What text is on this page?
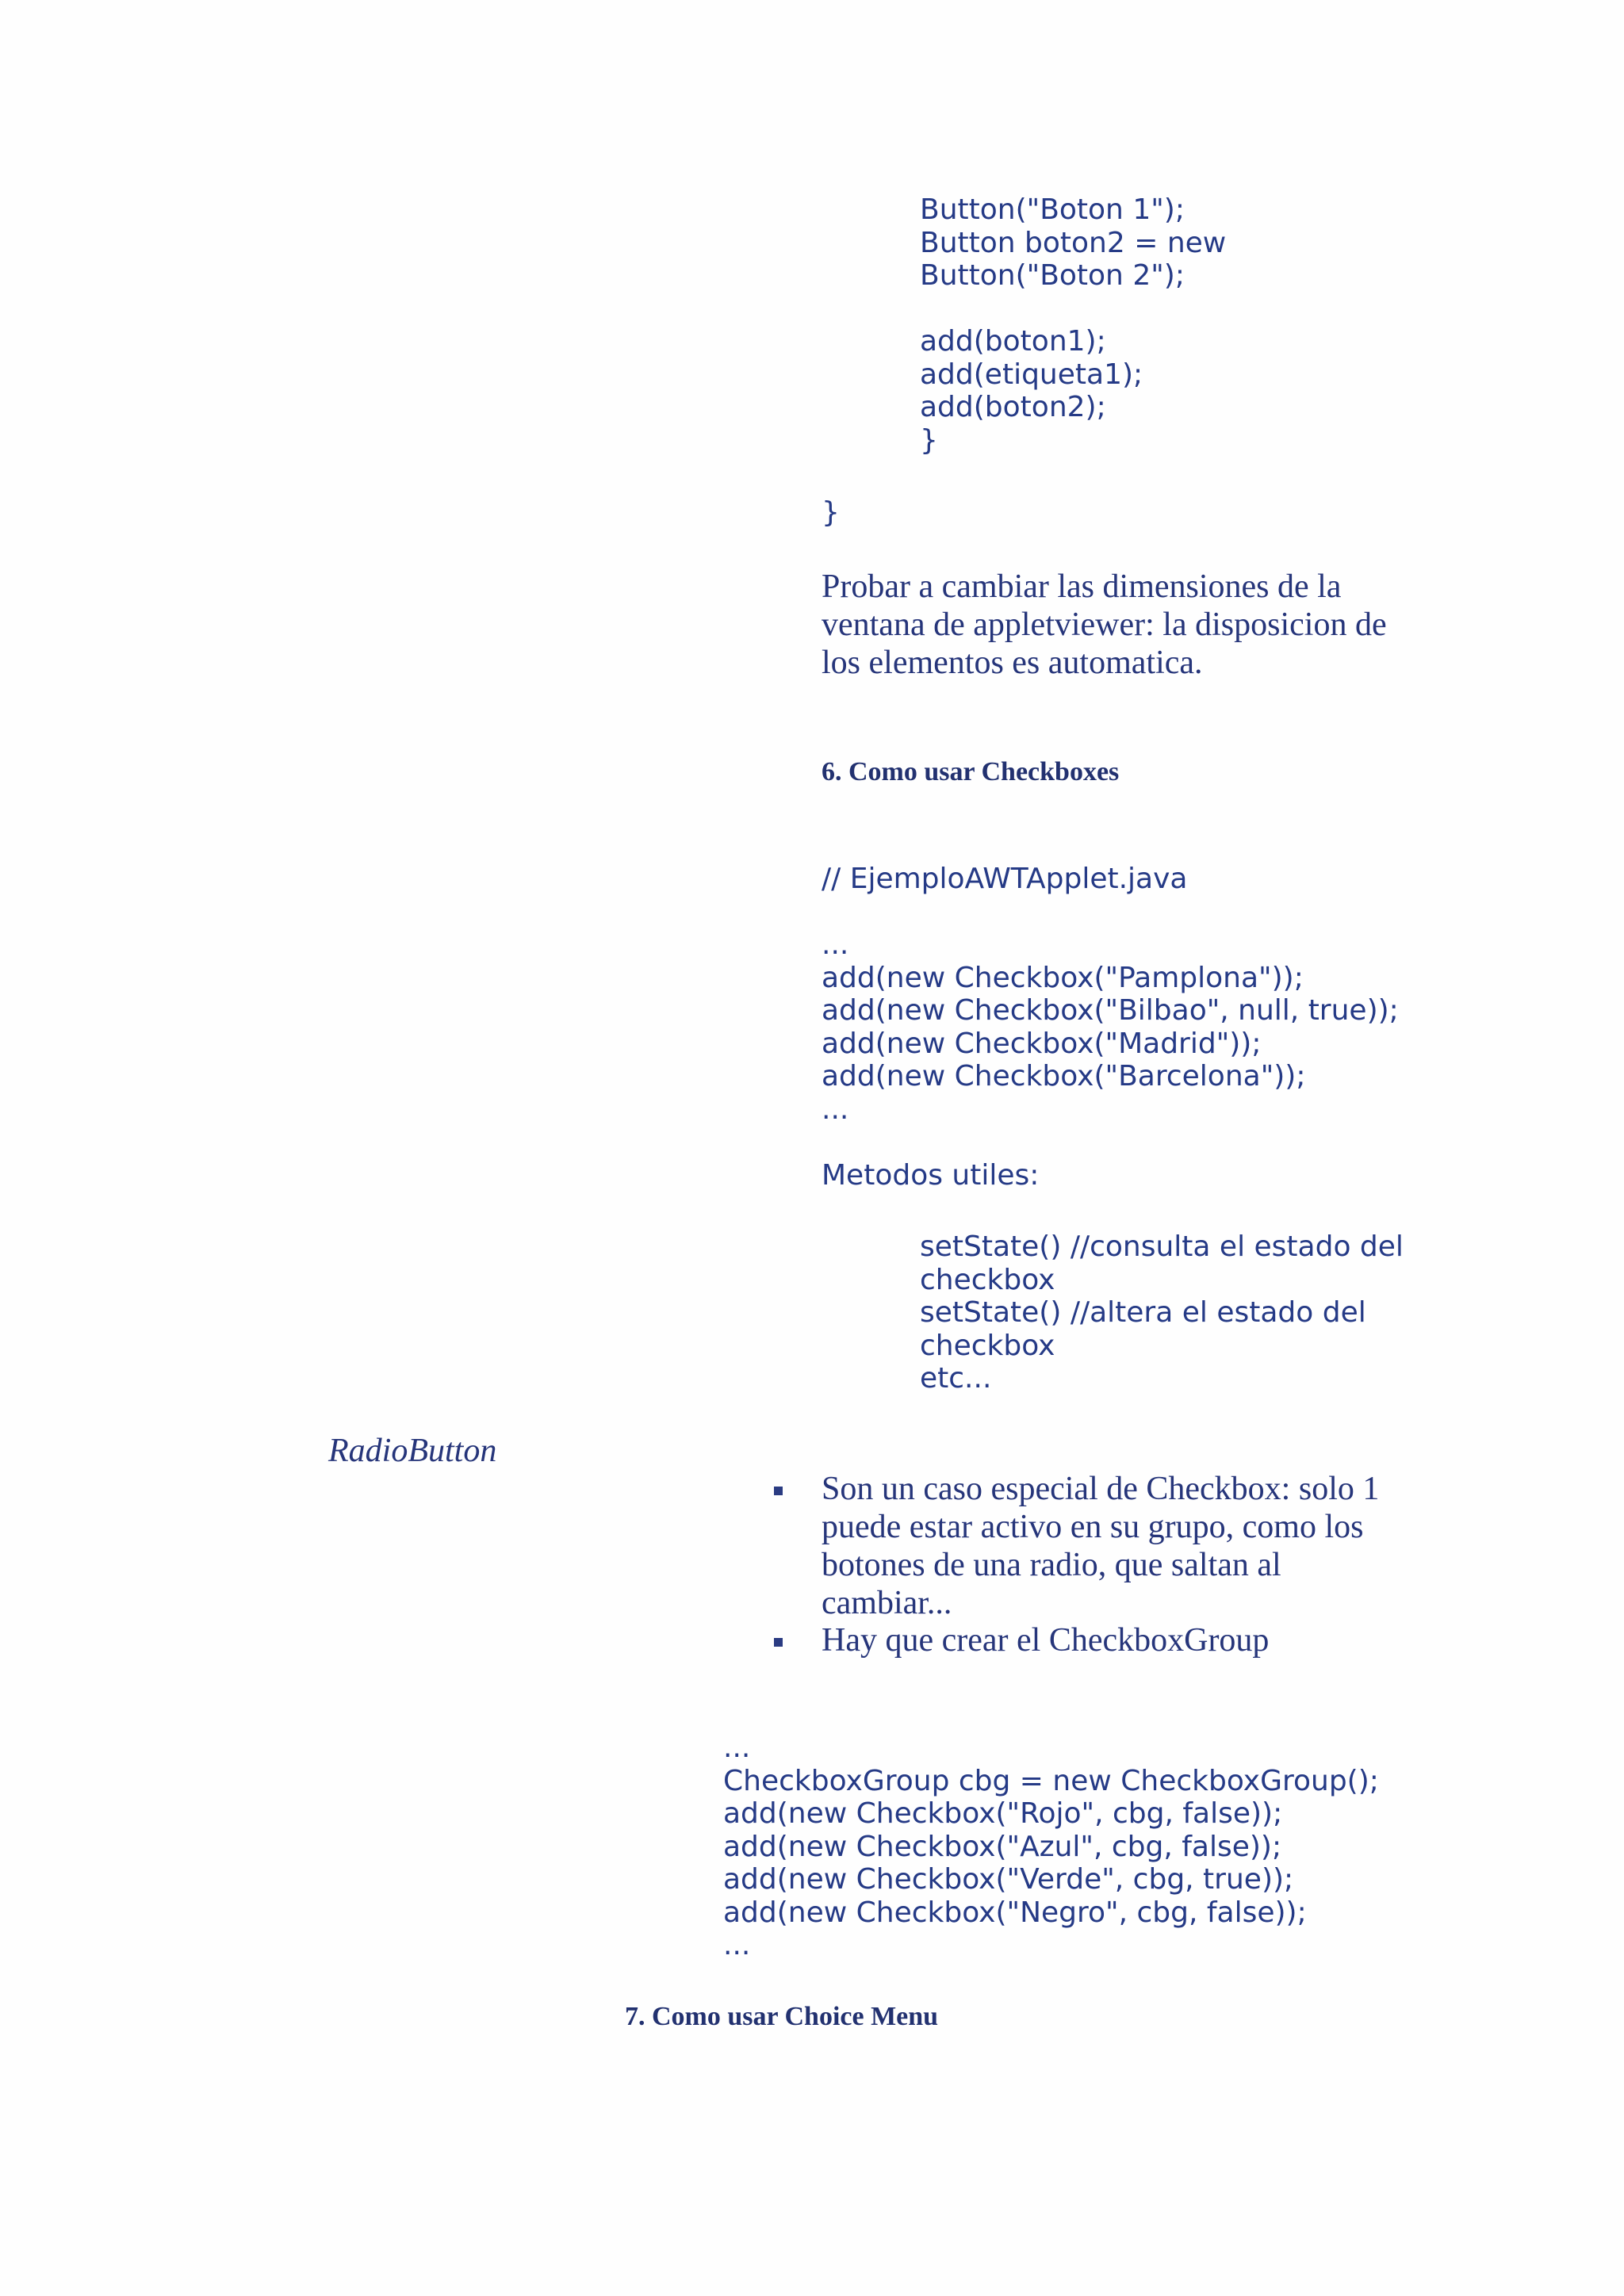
Button("Boton 1");
Button boton2 = new
Button("Boton 2");
add(boton1);
add(etiqueta1);
add(boton2);
}
}
Probar a cambiar las dimensiones de la
ventana de appletviewer: la disposicion de
los elementos es automatica.
6. Como usar Checkboxes
// EjemploAWTApplet.java
...
add(new Checkbox("Pamplona"));
add(new Checkbox("Bilbao", null, true));
add(new Checkbox("Madrid"));
add(new Checkbox("Barcelona"));
...
Metodos utiles:
setState() //consulta el estado del
checkbox
setState() //altera el estado del
checkbox
etc...
RadioButton
Son un caso especial de Checkbox: solo 1
puede estar activo en su grupo, como los
botones de una radio, que saltan al
cambiar...
Hay que crear el CheckboxGroup
...
CheckboxGroup cbg = new CheckboxGroup();
add(new Checkbox("Rojo", cbg, false));
add(new Checkbox("Azul", cbg, false));
add(new Checkbox("Verde", cbg, true));
add(new Checkbox("Negro", cbg, false));
...
7. Como usar Choice Menu
